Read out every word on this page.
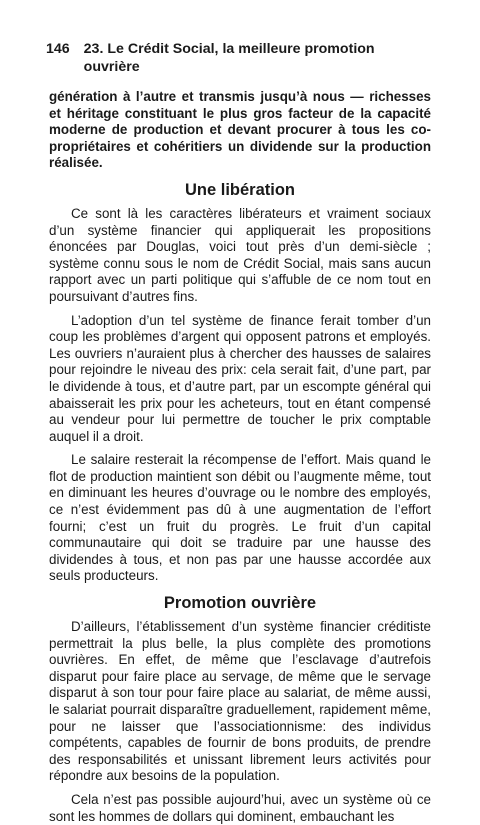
146 23. Le Crédit Social, la meilleure promotion ouvrière

génération à l’autre et transmis jusqu’à nous — richesses et héritage constituant le plus gros facteur de la capacité moderne de production et devant procurer à tous les co-propriétaires et cohéritiers un dividende sur la production réalisée.

Une libération

Ce sont là les caractères libérateurs et vraiment sociaux d’un système financier qui appliquerait les propositions énoncées par Douglas, voici tout près d’un demi-siècle ; système connu sous le nom de Crédit Social, mais sans aucun rapport avec un parti politique qui s’affuble de ce nom tout en poursuivant d’autres fins.

L’adoption d’un tel système de finance ferait tomber d’un coup les problèmes d’argent qui opposent patrons et employés. Les ouvriers n’auraient plus à chercher des hausses de salaires pour rejoindre le niveau des prix: cela serait fait, d’une part, par le dividende à tous, et d’autre part, par un escompte général qui abaisserait les prix pour les acheteurs, tout en étant compensé au vendeur pour lui permettre de toucher le prix comptable auquel il a droit.

Le salaire resterait la récompense de l’effort. Mais quand le flot de production maintient son débit ou l’augmente même, tout en diminuant les heures d’ouvrage ou le nombre des employés, ce n’est évidemment pas dû à une augmentation de l’effort fourni; c’est un fruit du progrès. Le fruit d’un capital communautaire qui doit se traduire par une hausse des dividendes à tous, et non pas par une hausse accordée aux seuls producteurs.

Promotion ouvrière

D’ailleurs, l’établissement d’un système financier créditiste permettrait la plus belle, la plus complète des promotions ouvrières. En effet, de même que l’esclavage d’autrefois disparut pour faire place au servage, de même que le servage disparut à son tour pour faire place au salariat, de même aussi, le salariat pourrait disparaître graduellement, rapidement même, pour ne laisser que l’associationnisme: des individus compétents, capables de fournir de bons produits, de prendre des responsabilités et unissant librement leurs activités pour répondre aux besoins de la population.

Cela n’est pas possible aujourd’hui, avec un système où ce sont les hommes de dollars qui dominent, embauchant les
